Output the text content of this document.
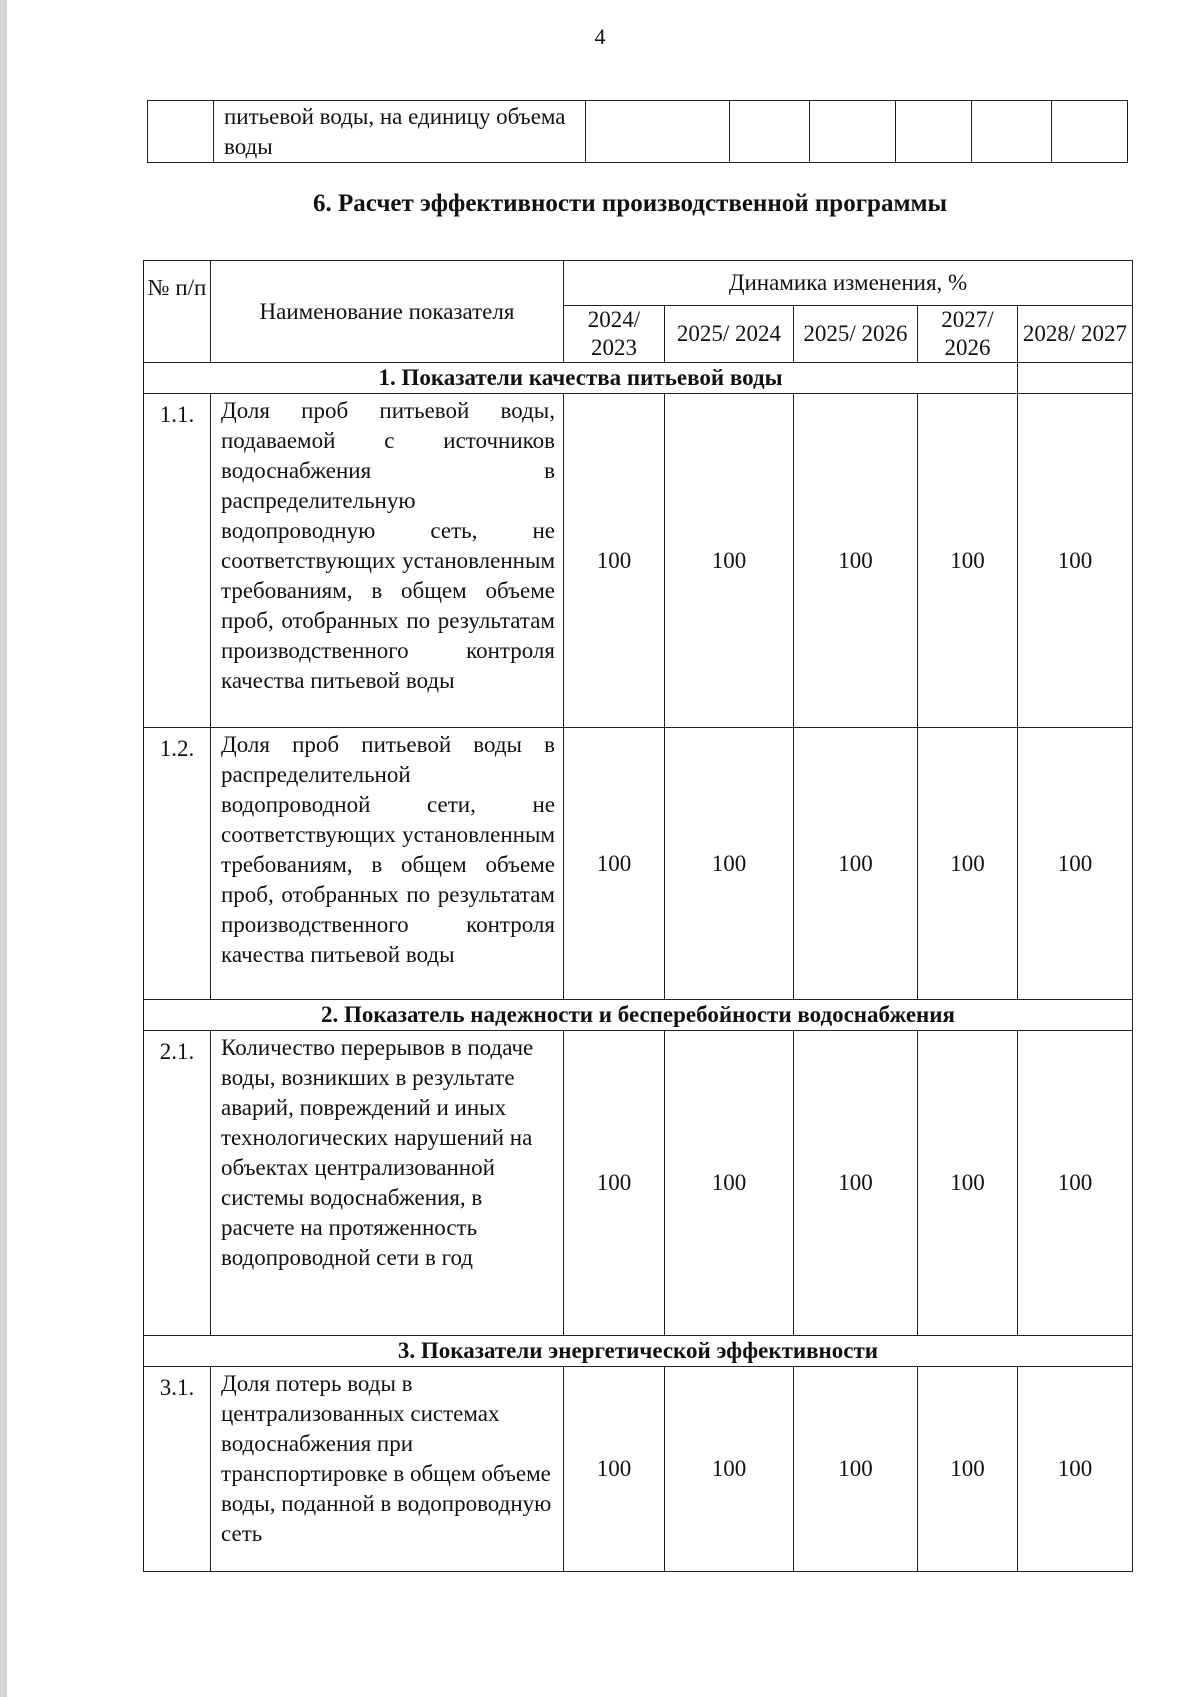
4
	питьевой воды, на единицу объема воды						
6. Расчет эффективности производственной программы
№ п/п	Наименование показателя	Динамика изменения, %				
		2024/ 2023	2025/ 2024	2025/ 2026	2027/ 2026	2028/ 2027
1. Показатели качества питьевой воды						
1.1.	Доля проб питьевой воды, подаваемой с источников водоснабжения в распределительную водопроводную сеть, не соответствующих установленным требованиям, в общем объеме проб, отобранных по результатам производственного контроля качества питьевой воды	100	100	100	100	100
1.2.	Доля проб питьевой воды в распределительной водопроводной сети, не соответствующих установленным требованиям, в общем объеме проб, отобранных по результатам производственного контроля качества питьевой воды	100	100	100	100	100
2. Показатель надежности и бесперебойности водоснабжения						
2.1.	Количество перерывов в подаче воды, возникших в результате аварий, повреждений и иных технологических нарушений на объектах централизованной системы водоснабжения, в расчете на протяженность водопроводной сети в год	100	100	100	100	100
3. Показатели энергетической эффективности						
3.1.	Доля потерь воды в централизованных системах водоснабжения при транспортировке в общем объеме воды, поданной в водопроводную сеть	100	100	100	100	100
